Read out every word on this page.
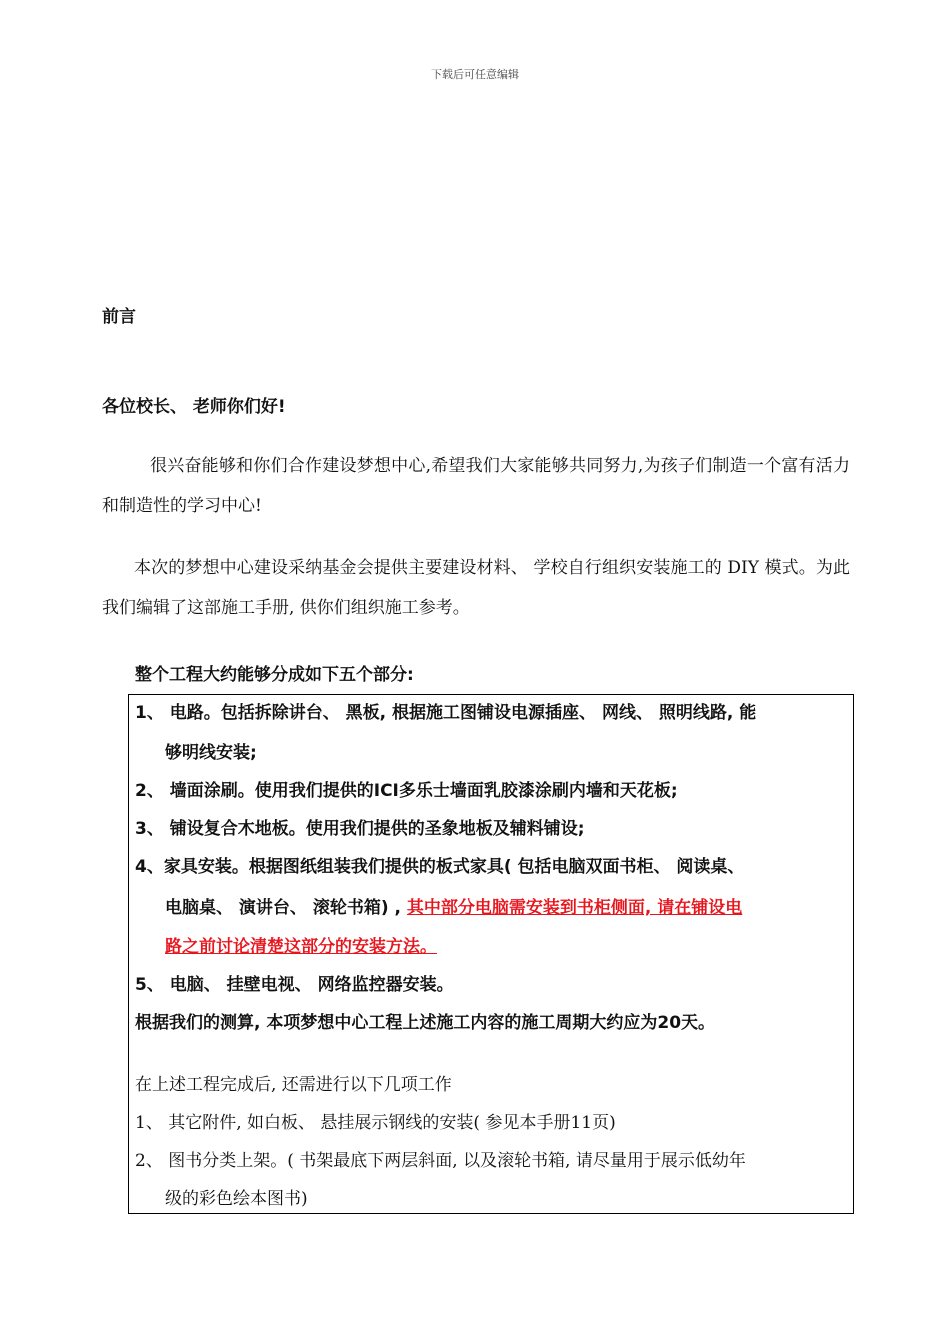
下载后可任意编辑
前言
各位校长、 老师你们好!
很兴奋能够和你们合作建设梦想中心,希望我们大家能够共同努力,为孩子们制造一个富有活力和制造性的学习中心!
本次的梦想中心建设采纳基金会提供主要建设材料、 学校自行组织安装施工的 DIY 模式。为此我们编辑了这部施工手册, 供你们组织施工参考。
整个工程大约能够分成如下五个部分:
1、 电路。包括拆除讲台、 黑板, 根据施工图铺设电源插座、 网线、 照明线路, 能
够明线安装;
2、 墙面涂刷。使用我们提供的ICI多乐士墙面乳胶漆涂刷内墙和天花板;
3、 铺设复合木地板。使用我们提供的圣象地板及辅料铺设;
4、家具安装。根据图纸组装我们提供的板式家具( 包括电脑双面书柜、 阅读桌、
电脑桌、 演讲台、 滚轮书箱) , 其中部分电脑需安装到书柜侧面, 请在铺设电
路之前讨论清楚这部分的安装方法。
5、 电脑、 挂壁电视、 网络监控器安装。
根据我们的测算, 本项梦想中心工程上述施工内容的施工周期大约应为20天。
在上述工程完成后, 还需进行以下几项工作
1、 其它附件, 如白板、 悬挂展示钢线的安装( 参见本手册11页)
2、 图书分类上架。( 书架最底下两层斜面, 以及滚轮书箱, 请尽量用于展示低幼年
级的彩色绘本图书)
